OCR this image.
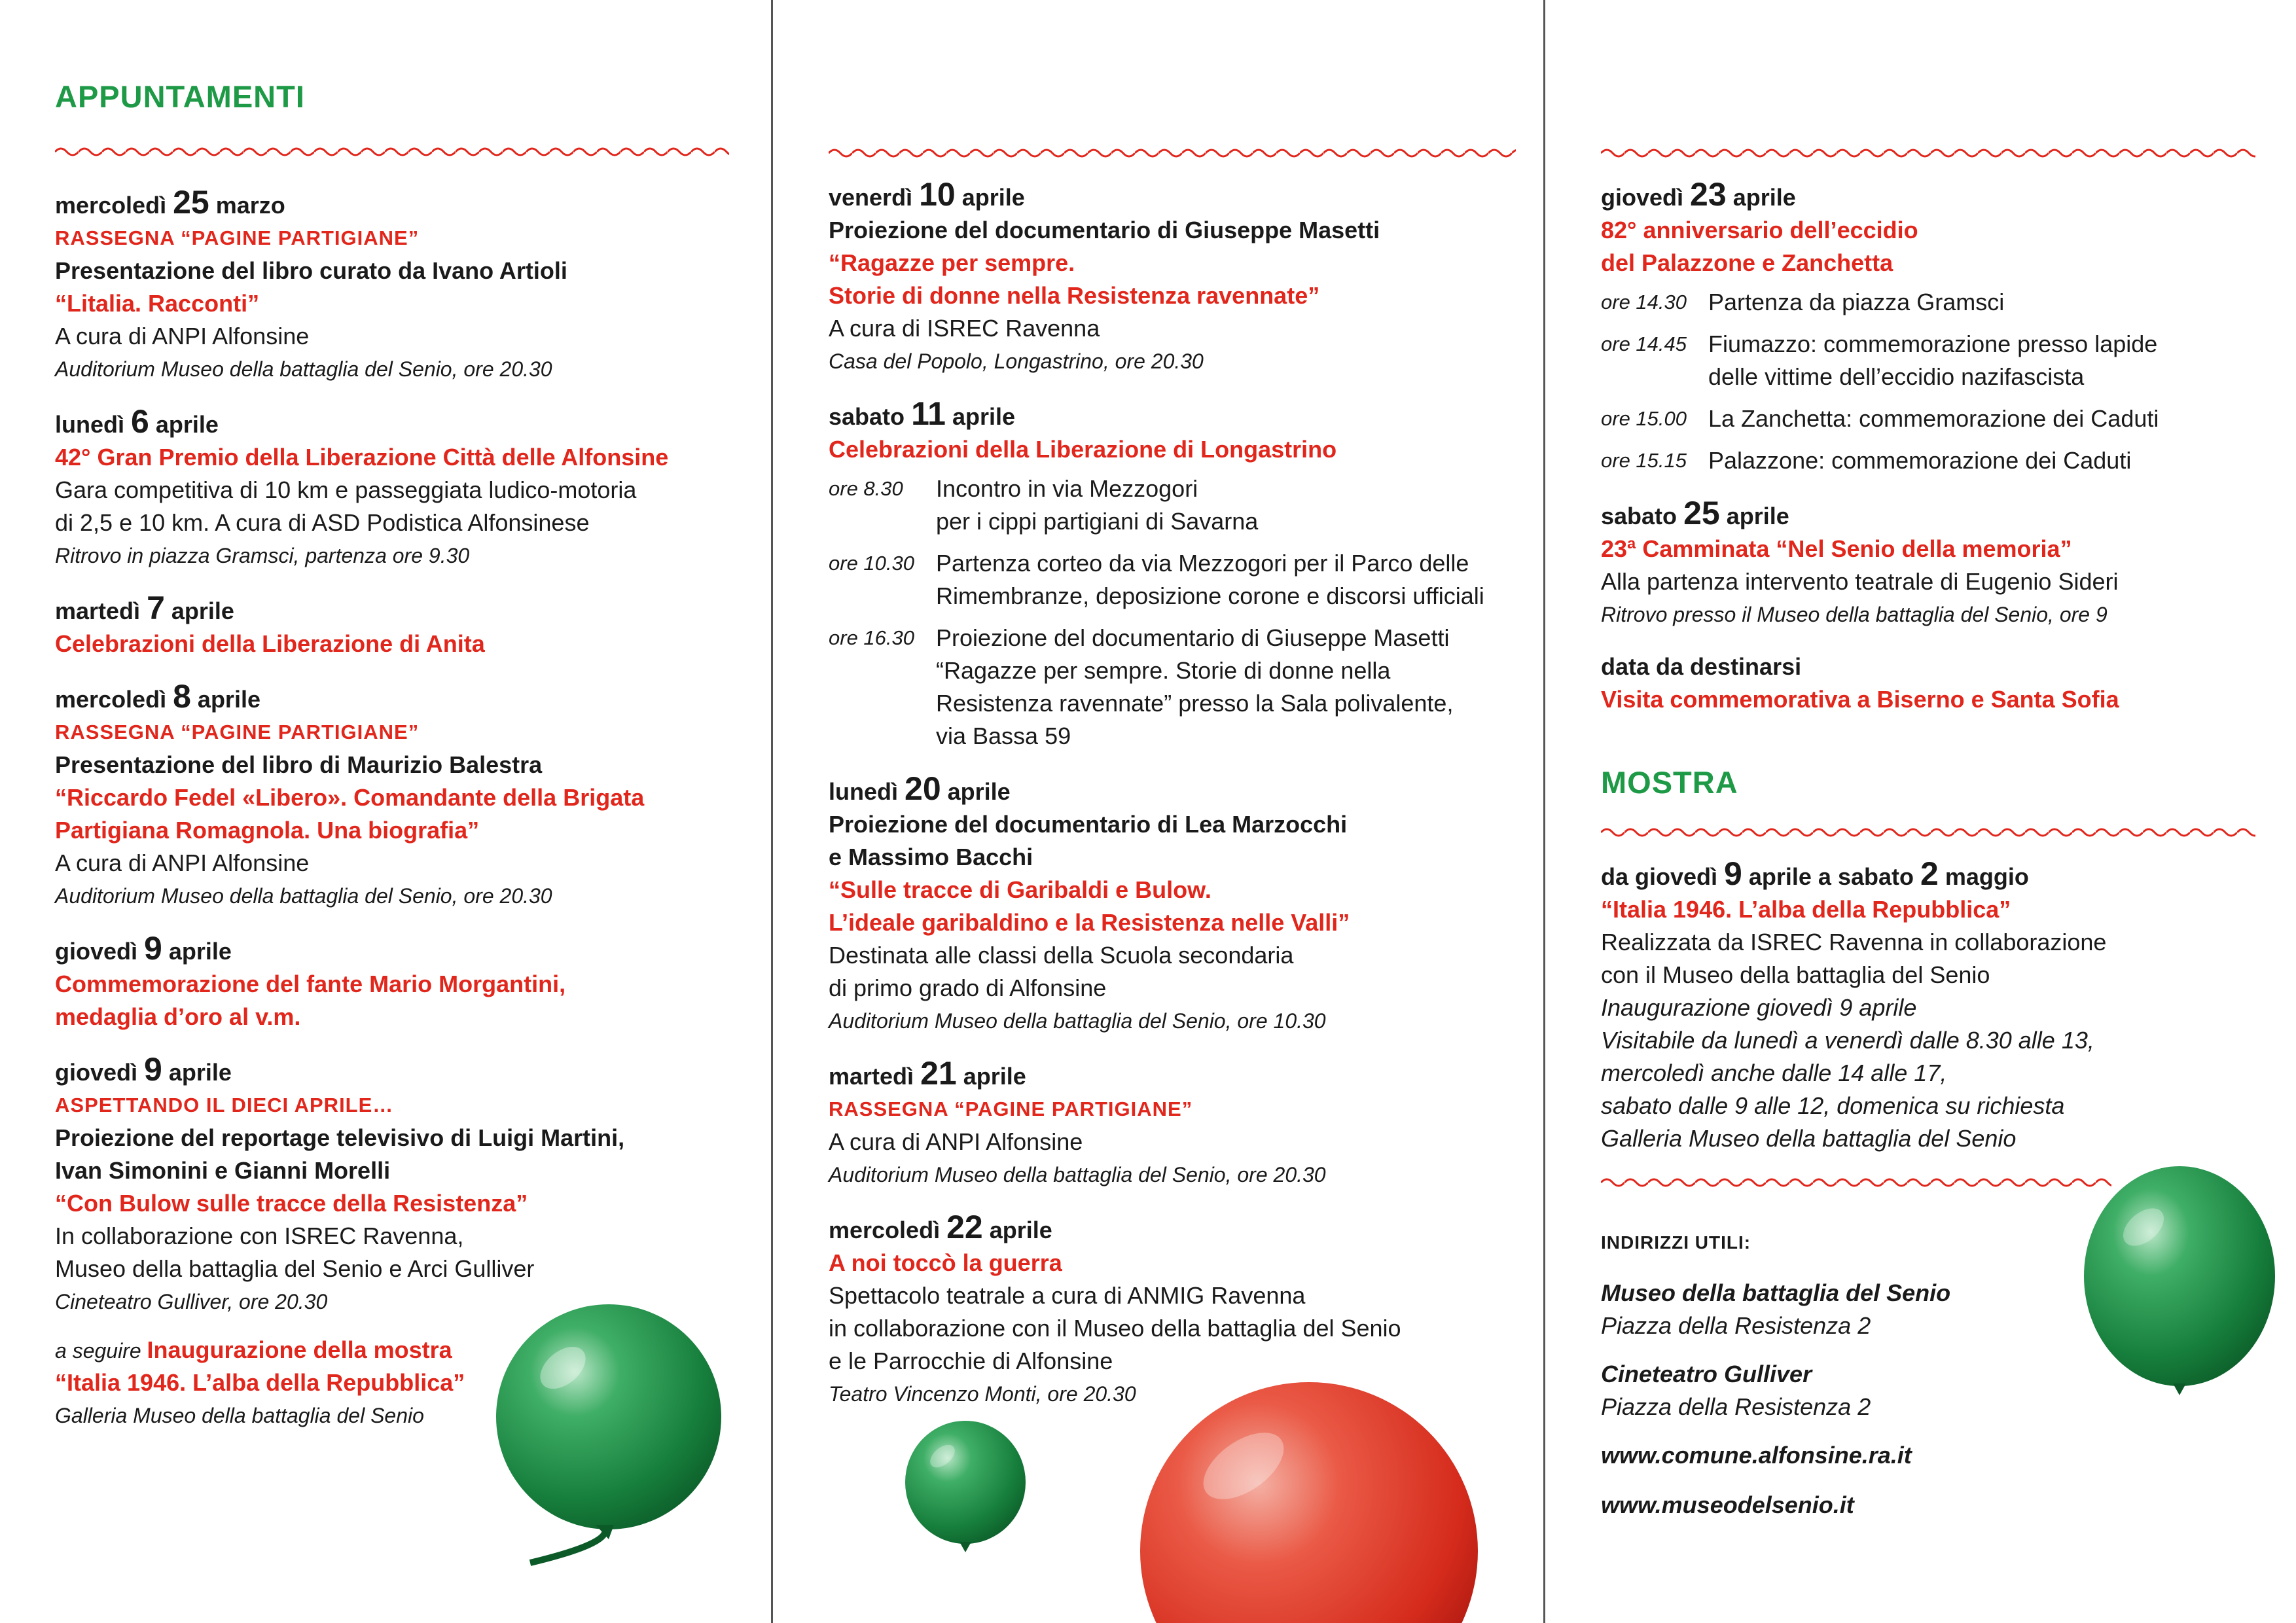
APPUNTAMENTI
mercoledì 25 marzo
RASSEGNA “PAGINE PARTIGIANE”
Presentazione del libro curato da Ivano Artioli
“Litalia. Racconti”
A cura di ANPI Alfonsine
Auditorium Museo della battaglia del Senio, ore 20.30
lunedì 6 aprile
42° Gran Premio della Liberazione Città delle Alfonsine
Gara competitiva di 10 km e passeggiata ludico-motoria
di 2,5 e 10 km. A cura di ASD Podistica Alfonsinese
Ritrovo in piazza Gramsci, partenza ore 9.30
martedì 7 aprile
Celebrazioni della Liberazione di Anita
mercoledì 8 aprile
RASSEGNA “PAGINE PARTIGIANE”
Presentazione del libro di Maurizio Balestra
“Riccardo Fedel «Libero». Comandante della Brigata
Partigiana Romagnola. Una biografia”
A cura di ANPI Alfonsine
Auditorium Museo della battaglia del Senio, ore 20.30
giovedì 9 aprile
Commemorazione del fante Mario Morgantini,
medaglia d’oro al v.m.
giovedì 9 aprile
ASPETTANDO IL DIECI APRILE…
Proiezione del reportage televisivo di Luigi Martini,
Ivan Simonini e Gianni Morelli
“Con Bulow sulle tracce della Resistenza”
In collaborazione con ISREC Ravenna,
Museo della battaglia del Senio e Arci Gulliver
Cineteatro Gulliver, ore 20.30
a seguire Inaugurazione della mostra
“Italia 1946. L’alba della Repubblica”
Galleria Museo della battaglia del Senio
venerdì 10 aprile
Proiezione del documentario di Giuseppe Masetti
“Ragazze per sempre.
Storie di donne nella Resistenza ravennate”
A cura di ISREC Ravenna
Casa del Popolo, Longastrino, ore 20.30
sabato 11 aprile
Celebrazioni della Liberazione di Longastrino
ore 8.30	Incontro in via Mezzogori
per i cippi partigiani di Savarna
ore 10.30 Partenza corteo da via Mezzogori per il Parco delle
Rimembranze, deposizione corone e discorsi ufficiali
ore 16.30 Proiezione del documentario di Giuseppe Masetti
“Ragazze per sempre. Storie di donne nella
Resistenza ravennate” presso la Sala polivalente,
via Bassa 59
lunedì 20 aprile
Proiezione del documentario di Lea Marzocchi
e Massimo Bacchi
“Sulle tracce di Garibaldi e Bulow.
L’ideale garibaldino e la Resistenza nelle Valli”
Destinata alle classi della Scuola secondaria
di primo grado di Alfonsine
Auditorium Museo della battaglia del Senio, ore 10.30
martedì 21 aprile
RASSEGNA “PAGINE PARTIGIANE”
A cura di ANPI Alfonsine
Auditorium Museo della battaglia del Senio, ore 20.30
mercoledì 22 aprile
A noi toccò la guerra
Spettacolo teatrale a cura di ANMIG Ravenna
in collaborazione con il Museo della battaglia del Senio
e le Parrocchie di Alfonsine
Teatro Vincenzo Monti, ore 20.30
giovedì 23 aprile
82° anniversario dell’eccidio
del Palazzone e Zanchetta
ore 14.30 Partenza da piazza Gramsci
ore 14.45 Fiumazzo: commemorazione presso lapide
delle vittime dell’eccidio nazifascista
ore 15.00 La Zanchetta: commemorazione dei Caduti
ore 15.15 Palazzone: commemorazione dei Caduti
sabato 25 aprile
23ª Camminata “Nel Senio della memoria”
Alla partenza intervento teatrale di Eugenio Sideri
Ritrovo presso il Museo della battaglia del Senio, ore 9
data da destinarsi
Visita commemorativa a Biserno e Santa Sofia
MOSTRA
da giovedì 9 aprile a sabato 2 maggio
“Italia 1946. L’alba della Repubblica”
Realizzata da ISREC Ravenna in collaborazione
con il Museo della battaglia del Senio
Inaugurazione giovedì 9 aprile
Visitabile da lunedì a venerdì dalle 8.30 alle 13,
mercoledì anche dalle 14 alle 17,
sabato dalle 9 alle 12, domenica su richiesta
Galleria Museo della battaglia del Senio
INDIRIZZI UTILI:
Museo della battaglia del Senio
Piazza della Resistenza 2
Cineteatro Gulliver
Piazza della Resistenza 2
www.comune.alfonsine.ra.it
www.museodelsenio.it
